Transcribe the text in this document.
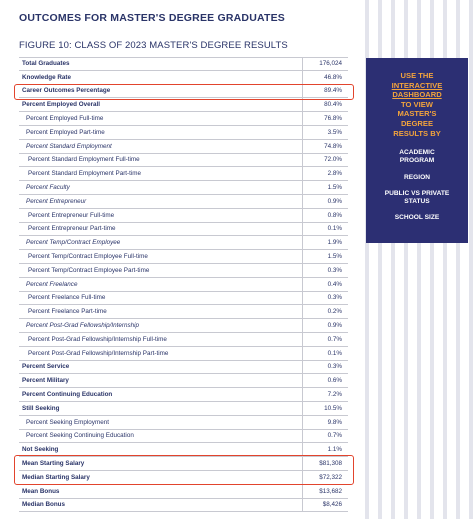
OUTCOMES FOR MASTER'S DEGREE GRADUATES
FIGURE 10: CLASS OF 2023 MASTER'S DEGREE RESULTS
Total Graduates	176,024
Knowledge Rate	46.8%
Career Outcomes Percentage	89.4%
Percent Employed Overall	80.4%
Percent Employed Full-time	76.8%
Percent Employed Part-time	3.5%
Percent Standard Employment	74.8%
Percent Standard Employment Full-time	72.0%
Percent Standard Employment Part-time	2.8%
Percent Faculty	1.5%
Percent Entrepreneur	0.9%
Percent Entrepreneur Full-time	0.8%
Percent Entrepreneur Part-time	0.1%
Percent Temp/Contract Employee	1.9%
Percent Temp/Contract Employee Full-time	1.5%
Percent Temp/Contract Employee Part-time	0.3%
Percent Freelance	0.4%
Percent Freelance Full-time	0.3%
Percent Freelance Part-time	0.2%
Percent Post-Grad Fellowship/Internship	0.9%
Percent Post-Grad Fellowship/Internship Full-time	0.7%
Percent Post-Grad Fellowship/Internship Part-time	0.1%
Percent Service	0.3%
Percent Military	0.6%
Percent Continuing Education	7.2%
Still Seeking	10.5%
Percent Seeking Employment	9.8%
Percent Seeking Continuing Education	0.7%
Not Seeking	1.1%
Mean Starting Salary	$81,308
Median Starting Salary	$72,322
Mean Bonus	$13,682
Median Bonus	$8,426
USE THE
INTERACTIVE
DASHBOARD
TO VIEW
MASTER'S
DEGREE
RESULTS BY
ACADEMIC PROGRAM
REGION
PUBLIC VS PRIVATE STATUS
SCHOOL SIZE
